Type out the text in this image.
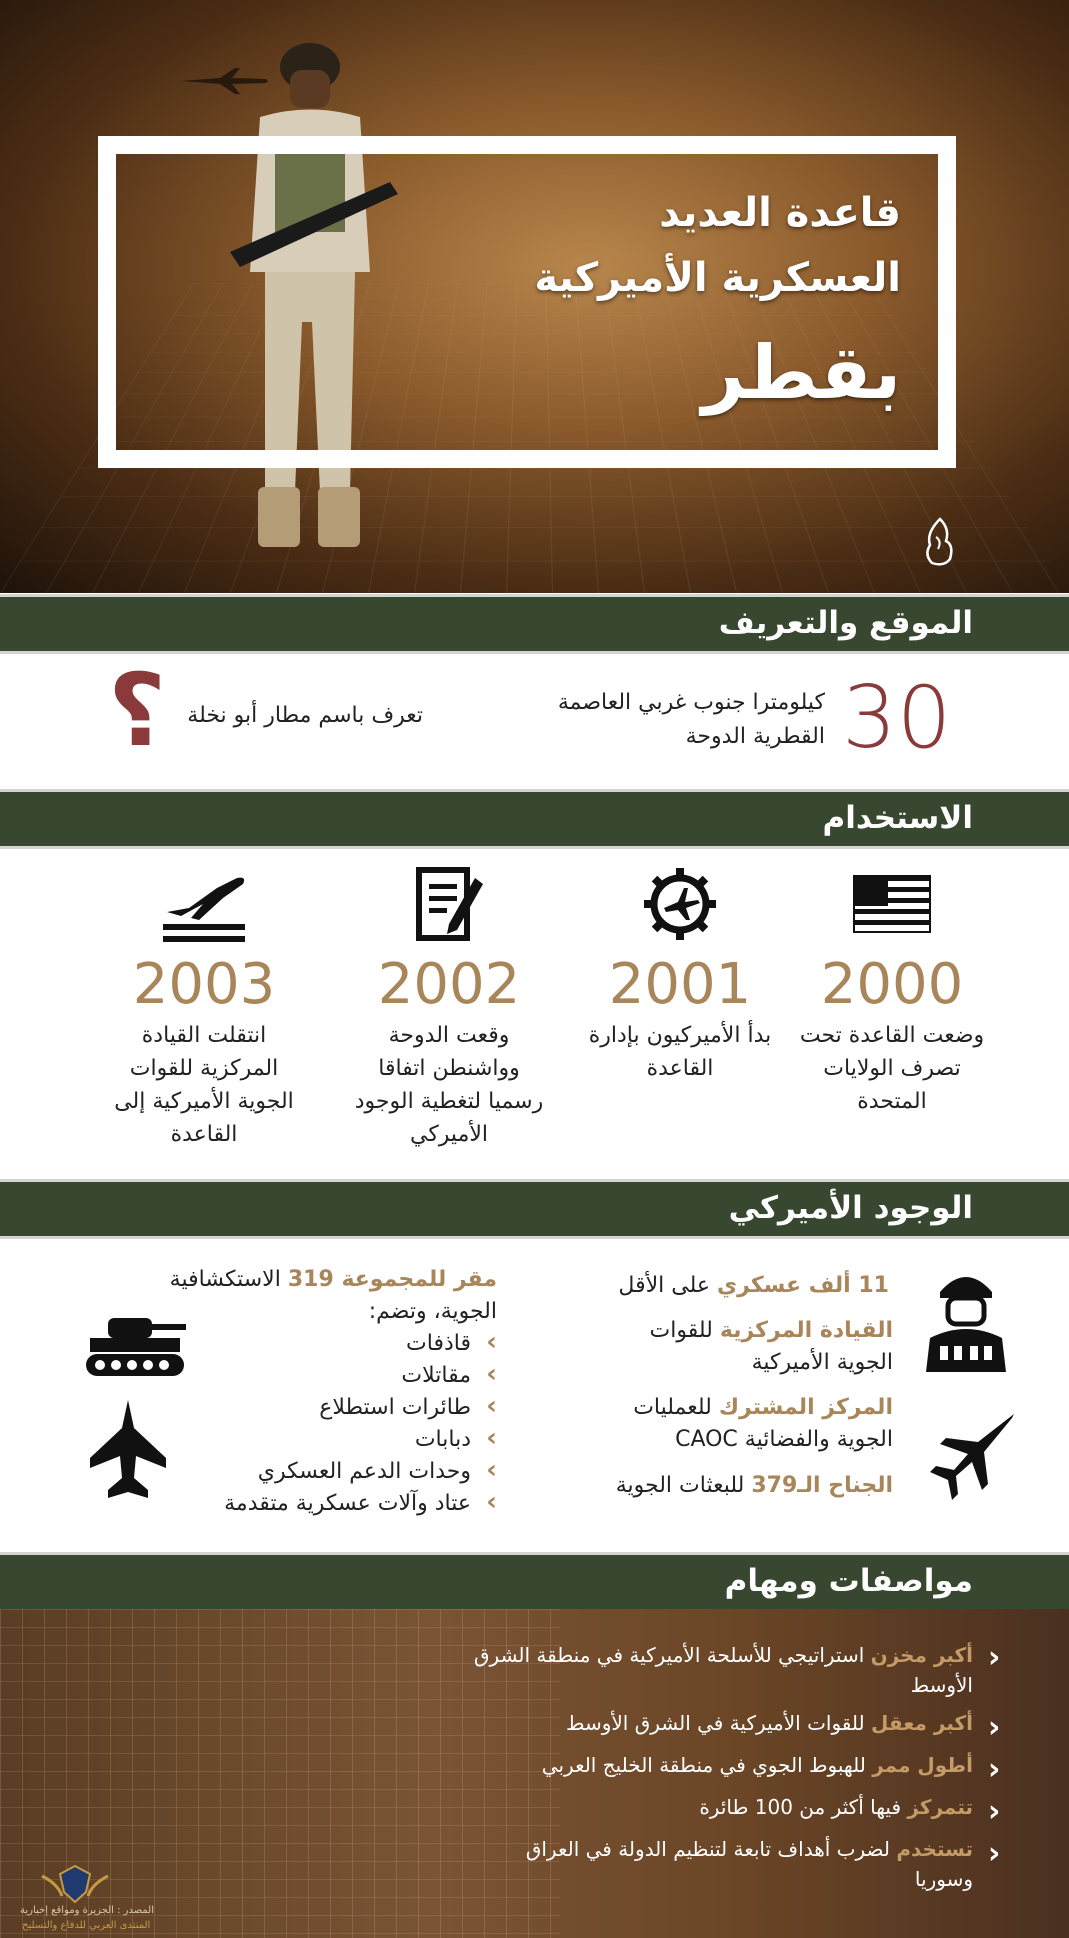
قاعدة العديد
العسكرية الأميركية
بقطر
الموقع والتعريف
30
كيلومترا جنوب غربي العاصمة القطرية الدوحة
تعرف باسم مطار أبو نخلة
؟
الاستخدام
2000
وضعت القاعدة تحت تصرف الولايات المتحدة
2001
بدأ الأميركيون بإدارة القاعدة
2002
وقعت الدوحة وواشنطن اتفاقا رسميا لتغطية الوجود الأميركي
2003
انتقلت القيادة المركزية للقوات الجوية الأميركية إلى القاعدة
الوجود الأميركي
11 ألف عسكري على الأقل
القيادة المركزية للقوات الجوية الأميركية
المركز المشترك للعمليات الجوية والفضائية CAOC
الجناح الـ379 للبعثات الجوية
مقر للمجموعة 319 الاستكشافية الجوية، وتضم:
› قاذفات
› مقاتلات
› طائرات استطلاع
› دبابات
› وحدات الدعم العسكري
› عتاد وآلات عسكرية متقدمة
مواصفات ومهام
‹
أكبر مخزن استراتيجي للأسلحة الأميركية في منطقة الشرق الأوسط
‹
أكبر معقل للقوات الأميركية في الشرق الأوسط
‹
أطول ممر للهبوط الجوي في منطقة الخليج العربي
‹
تتمركز فيها أكثر من 100 طائرة
‹
تستخدم لضرب أهداف تابعة لتنظيم الدولة في العراق وسوريا
المصدر : الجزيرة ومواقع إخبارية
المنتدى العربي للدفاع والتسليح
